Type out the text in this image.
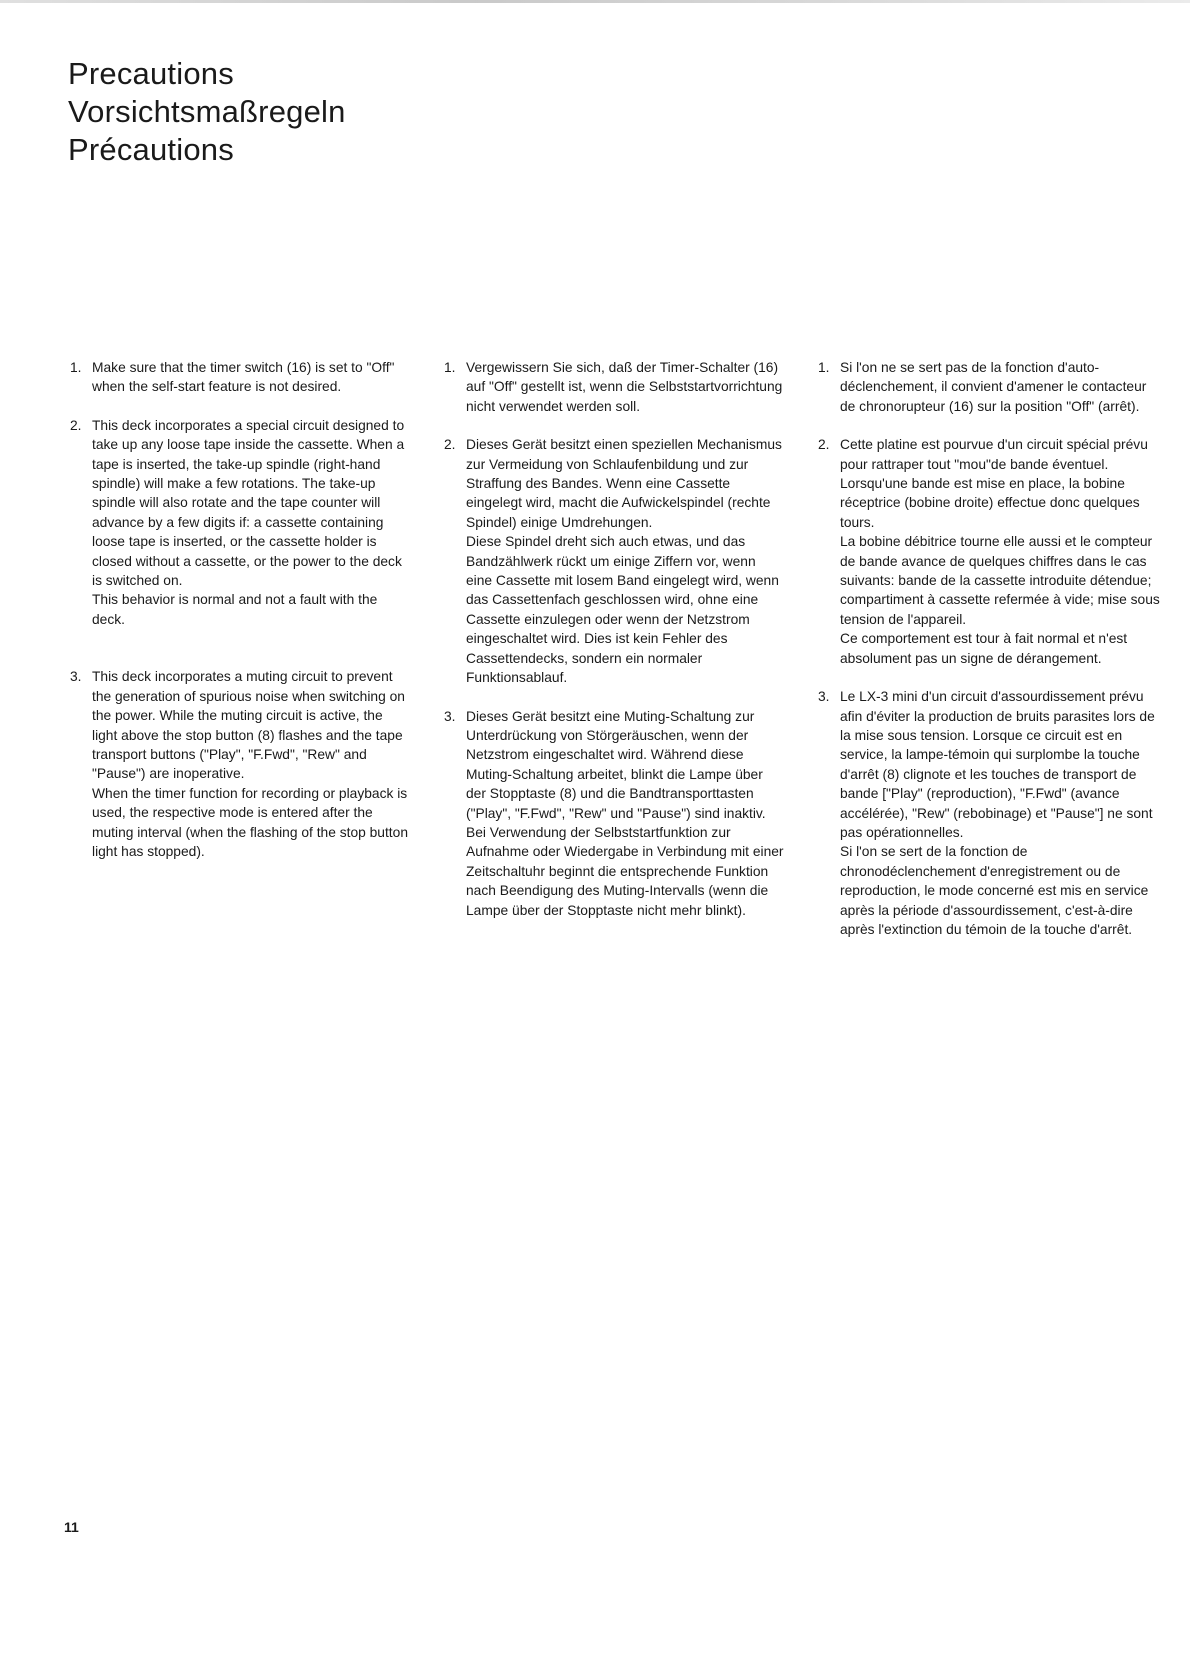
Precautions
Vorsichtsmaßregeln
Précautions
1. Make sure that the timer switch (16) is set to "Off" when the self-start feature is not desired.

2. This deck incorporates a special circuit designed to take up any loose tape inside the cassette. When a tape is inserted, the take-up spindle (right-hand spindle) will make a few rotations. The take-up spindle will also rotate and the tape counter will advance by a few digits if: a cassette containing loose tape is inserted, or the cassette holder is closed without a cassette, or the power to the deck is switched on.

This behavior is normal and not a fault with the deck.

3. This deck incorporates a muting circuit to prevent the generation of spurious noise when switching on the power. While the muting circuit is active, the light above the stop button (8) flashes and the tape transport buttons ("Play", "F.Fwd", "Rew" and "Pause") are inoperative.

When the timer function for recording or playback is used, the respective mode is entered after the muting interval (when the flashing of the stop button light has stopped).

1. Vergewissern Sie sich, daß der Timer-Schalter (16) auf "Off" gestellt ist, wenn die Selbststartvorrichtung nicht verwendet werden soll.

2. Dieses Gerät besitzt einen speziellen Mechanismus zur Vermeidung von Schlaufenbildung und zur Straffung des Bandes. Wenn eine Cassette eingelegt wird, macht die Aufwickelspindel (rechte Spindel) einige Umdrehungen.

Diese Spindel dreht sich auch etwas, und das Bandzählwerk rückt um einige Ziffern vor, wenn eine Cassette mit losem Band eingelegt wird, wenn das Cassettenfach geschlossen wird, ohne eine Cassette einzulegen oder wenn der Netzstrom eingeschaltet wird. Dies ist kein Fehler des Cassettendecks, sondern ein normaler Funktionsablauf.

3. Dieses Gerät besitzt eine Muting-Schaltung zur Unterdrückung von Störgeräuschen, wenn der Netzstrom eingeschaltet wird. Während diese Muting-Schaltung arbeitet, blinkt die Lampe über der Stopptaste (8) und die Bandtransporttasten ("Play", "F.Fwd", "Rew" und "Pause") sind inaktiv.

Bei Verwendung der Selbststartfunktion zur Aufnahme oder Wiedergabe in Verbindung mit einer Zeitschaltuhr beginnt die entsprechende Funktion nach Beendigung des Muting-Intervalls (wenn die Lampe über der Stopptaste nicht mehr blinkt).

1. Si l'on ne se sert pas de la fonction d'auto-déclenchement, il convient d'amener le contacteur de chronorupteur (16) sur la position "Off" (arrêt).

2. Cette platine est pourvue d'un circuit spécial prévu pour rattraper tout "mou"de bande éventuel. Lorsqu'une bande est mise en place, la bobine réceptrice (bobine droite) effectue donc quelques tours.

La bobine débitrice tourne elle aussi et le compteur de bande avance de quelques chiffres dans le cas suivants: bande de la cassette introduite détendue; compartiment à cassette refermée à vide; mise sous tension de l'appareil.

Ce comportement est tour à fait normal et n'est absolument pas un signe de dérangement.

3. Le LX-3 mini d'un circuit d'assourdissement prévu afin d'éviter la production de bruits parasites lors de la mise sous tension. Lorsque ce circuit est en service, la lampe-témoin qui surplombe la touche d'arrêt (8) clignote et les touches de transport de bande ["Play" (reproduction), "F.Fwd" (avance accélérée), "Rew" (rebobinage) et "Pause"] ne sont pas opérationnelles.

Si l'on se sert de la fonction de chronodéclenchement d'enregistrement ou de reproduction, le mode concerné est mis en service après la période d'assourdissement, c'est-à-dire après l'extinction du témoin de la touche d'arrêt.

11
